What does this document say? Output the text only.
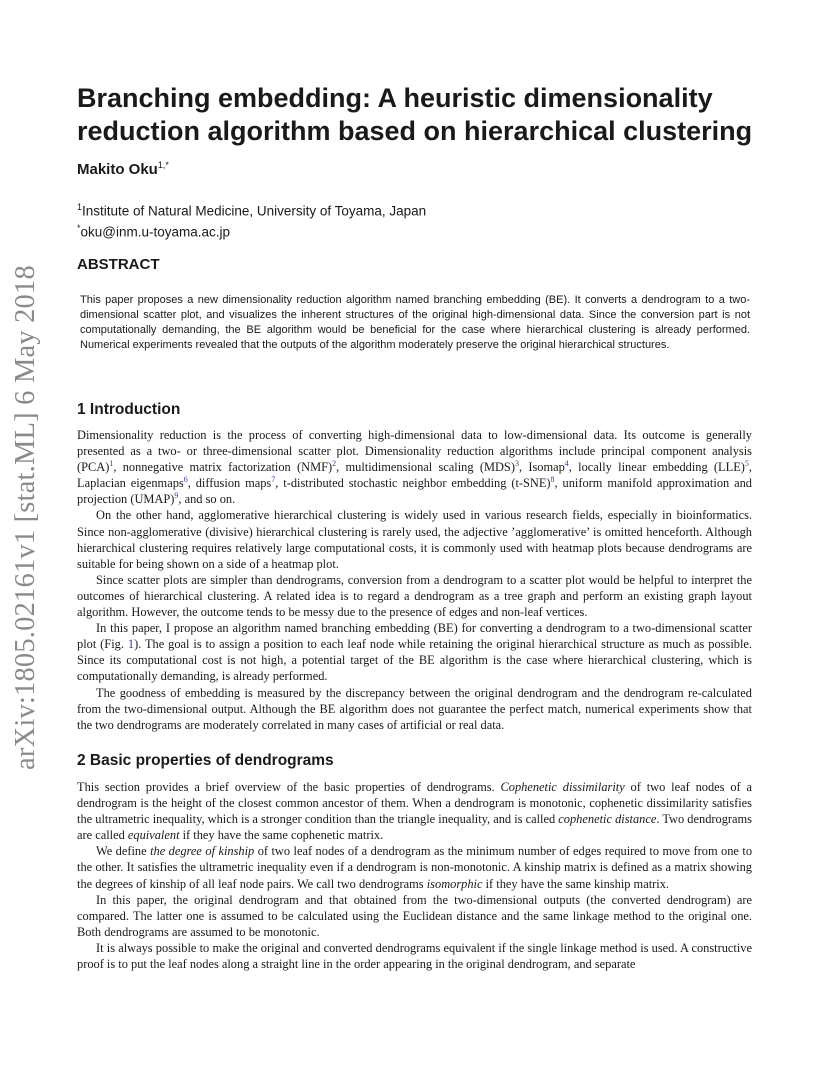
arXiv:1805.02161v1 [stat.ML] 6 May 2018
Branching embedding: A heuristic dimensionality reduction algorithm based on hierarchical clustering
Makito Oku$^{1,*}$
$^1$Institute of Natural Medicine, University of Toyama, Japan
*oku@inm.u-toyama.ac.jp
ABSTRACT

This paper proposes a new dimensionality reduction algorithm named branching embedding (BE). It converts a dendrogram to a two-dimensional scatter plot, and visualizes the inherent structures of the original high-dimensional data. Since the conversion part is not computationally demanding, the BE algorithm would be beneficial for the case where hierarchical clustering is already performed. Numerical experiments revealed that the outputs of the algorithm moderately preserve the original hierarchical structures.

1 Introduction

Dimensionality reduction is the process of converting high-dimensional data to low-dimensional data. Its outcome is generally presented as a two- or three-dimensional scatter plot. Dimensionality reduction algorithms include principal component analysis (PCA)$^1$, nonnegative matrix factorization (NMF)$^2$, multidimensional scaling (MDS)$^3$, Isomap$^4$, locally linear embedding (LLE)$^5$, Laplacian eigenmaps$^6$, diffusion maps$^7$, t-distributed stochastic neighbor embedding (t-SNE)$^8$, uniform manifold approximation and projection (UMAP)$^9$, and so on.

On the other hand, agglomerative hierarchical clustering is widely used in various research fields, especially in bioinformatics. Since non-agglomerative (divisive) hierarchical clustering is rarely used, the adjective ’agglomerative’ is omitted henceforth. Although hierarchical clustering requires relatively large computational costs, it is commonly used with heatmap plots because dendrograms are suitable for being shown on a side of a heatmap plot.

Since scatter plots are simpler than dendrograms, conversion from a dendrogram to a scatter plot would be helpful to interpret the outcomes of hierarchical clustering. A related idea is to regard a dendrogram as a tree graph and perform an existing graph layout algorithm. However, the outcome tends to be messy due to the presence of edges and non-leaf vertices.

In this paper, I propose an algorithm named branching embedding (BE) for converting a dendrogram to a two-dimensional scatter plot (Fig. 1). The goal is to assign a position to each leaf node while retaining the original hierarchical structure as much as possible. Since its computational cost is not high, a potential target of the BE algorithm is the case where hierarchical clustering, which is computationally demanding, is already performed.

The goodness of embedding is measured by the discrepancy between the original dendrogram and the dendrogram re-calculated from the two-dimensional output. Although the BE algorithm does not guarantee the perfect match, numerical experiments show that the two dendrograms are moderately correlated in many cases of artificial or real data.

2 Basic properties of dendrograms

This section provides a brief overview of the basic properties of dendrograms. Cophenetic dissimilarity of two leaf nodes of a dendrogram is the height of the closest common ancestor of them. When a dendrogram is monotonic, cophenetic dissimilarity satisfies the ultrametric inequality, which is a stronger condition than the triangle inequality, and is called cophenetic distance. Two dendrograms are called equivalent if they have the same cophenetic matrix.

We define the degree of kinship of two leaf nodes of a dendrogram as the minimum number of edges required to move from one to the other. It satisfies the ultrametric inequality even if a dendrogram is non-monotonic. A kinship matrix is defined as a matrix showing the degrees of kinship of all leaf node pairs. We call two dendrograms isomorphic if they have the same kinship matrix.

In this paper, the original dendrogram and that obtained from the two-dimensional outputs (the converted dendrogram) are compared. The latter one is assumed to be calculated using the Euclidean distance and the same linkage method to the original one. Both dendrograms are assumed to be monotonic.

It is always possible to make the original and converted dendrograms equivalent if the single linkage method is used. A constructive proof is to put the leaf nodes along a straight line in the order appearing in the original dendrogram, and separate
